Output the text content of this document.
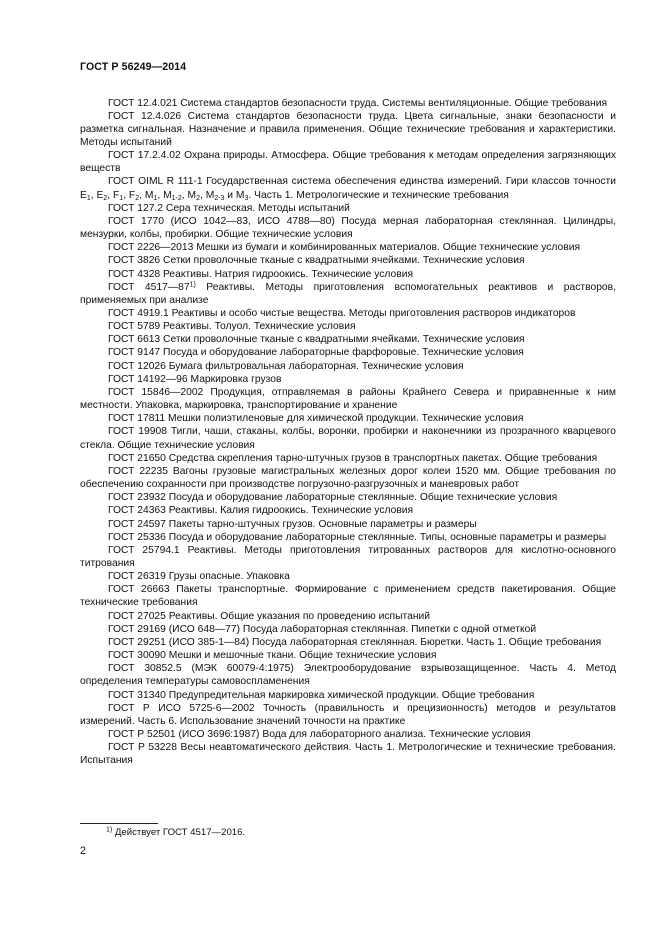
ГОСТ Р 56249—2014

ГОСТ 12.4.021 Система стандартов безопасности труда. Системы вентиляционные. Общие требования

ГОСТ 12.4.026 Система стандартов безопасности труда. Цвета сигнальные, знаки безопасности и разметка сигнальная. Назначение и правила применения. Общие технические требования и характеристики. Методы испытаний

ГОСТ 17.2.4.02 Охрана природы. Атмосфера. Общие требования к методам определения загрязняющих веществ

ГОСТ OIML R 111-1 Государственная система обеспечения единства измерений. Гири классов точности $E_1$, $E_2$, $F_1$, $F_2$, $M_1$, $M_{1-2}$, $M_2$, $M_{2-3}$ и $M_3$. Часть 1. Метрологические и технические требования

ГОСТ 127.2 Сера техническая. Методы испытаний

ГОСТ 1770 (ИСО 1042—83, ИСО 4788—80) Посуда мерная лабораторная стеклянная. Цилиндры, мензурки, колбы, пробирки. Общие технические условия

ГОСТ 2226—2013 Мешки из бумаги и комбинированных материалов. Общие технические условия

ГОСТ 3826 Сетки проволочные тканые с квадратными ячейками. Технические условия

ГОСТ 4328 Реактивы. Натрия гидроокись. Технические условия

ГОСТ 4517—87$^{1)}$ Реактивы. Методы приготовления вспомогательных реактивов и растворов, применяемых при анализе

ГОСТ 4919.1 Реактивы и особо чистые вещества. Методы приготовления растворов индикаторов

ГОСТ 5789 Реактивы. Толуол. Технические условия

ГОСТ 6613 Сетки проволочные тканые с квадратными ячейками. Технические условия

ГОСТ 9147 Посуда и оборудование лабораторные фарфоровые. Технические условия

ГОСТ 12026 Бумага фильтровальная лабораторная. Технические условия

ГОСТ 14192—96 Маркировка грузов

ГОСТ 15846—2002 Продукция, отправляемая в районы Крайнего Севера и приравненные к ним местности. Упаковка, маркировка, транспортирование и хранение

ГОСТ 17811 Мешки полиэтиленовые для химической продукции. Технические условия

ГОСТ 19908 Тигли, чаши, стаканы, колбы, воронки, пробирки и наконечники из прозрачного кварцевого стекла. Общие технические условия

ГОСТ 21650 Средства скрепления тарно-штучных грузов в транспортных пакетах. Общие требования

ГОСТ 22235 Вагоны грузовые магистральных железных дорог колеи 1520 мм. Общие требования по обеспечению сохранности при производстве погрузочно-разгрузочных и маневровых работ

ГОСТ 23932 Посуда и оборудование лабораторные стеклянные. Общие технические условия

ГОСТ 24363 Реактивы. Калия гидроокись. Технические условия

ГОСТ 24597 Пакеты тарно-штучных грузов. Основные параметры и размеры

ГОСТ 25336 Посуда и оборудование лабораторные стеклянные. Типы, основные параметры и размеры

ГОСТ 25794.1 Реактивы. Методы приготовления титрованных растворов для кислотно-основного титрования

ГОСТ 26319 Грузы опасные. Упаковка

ГОСТ 26663 Пакеты транспортные. Формирование с применением средств пакетирования. Общие технические требования

ГОСТ 27025 Реактивы. Общие указания по проведению испытаний

ГОСТ 29169 (ИСО 648—77) Посуда лабораторная стеклянная. Пипетки с одной отметкой

ГОСТ 29251 (ИСО 385-1—84) Посуда лабораторная стеклянная. Бюретки. Часть 1. Общие требования

ГОСТ 30090 Мешки и мешочные ткани. Общие технические условия

ГОСТ 30852.5 (МЭК 60079-4:1975) Электрооборудование взрывозащищенное. Часть 4. Метод определения температуры самовоспламенения

ГОСТ 31340 Предупредительная маркировка химической продукции. Общие требования

ГОСТ Р ИСО 5725-6—2002 Точность (правильность и прецизионность) методов и результатов измерений. Часть 6. Использование значений точности на практике

ГОСТ Р 52501 (ИСО 3696:1987) Вода для лабораторного анализа. Технические условия

ГОСТ Р 53228 Весы неавтоматического действия. Часть 1. Метрологические и технические требования. Испытания

$^{1)}$ Действует ГОСТ 4517—2016.
2
